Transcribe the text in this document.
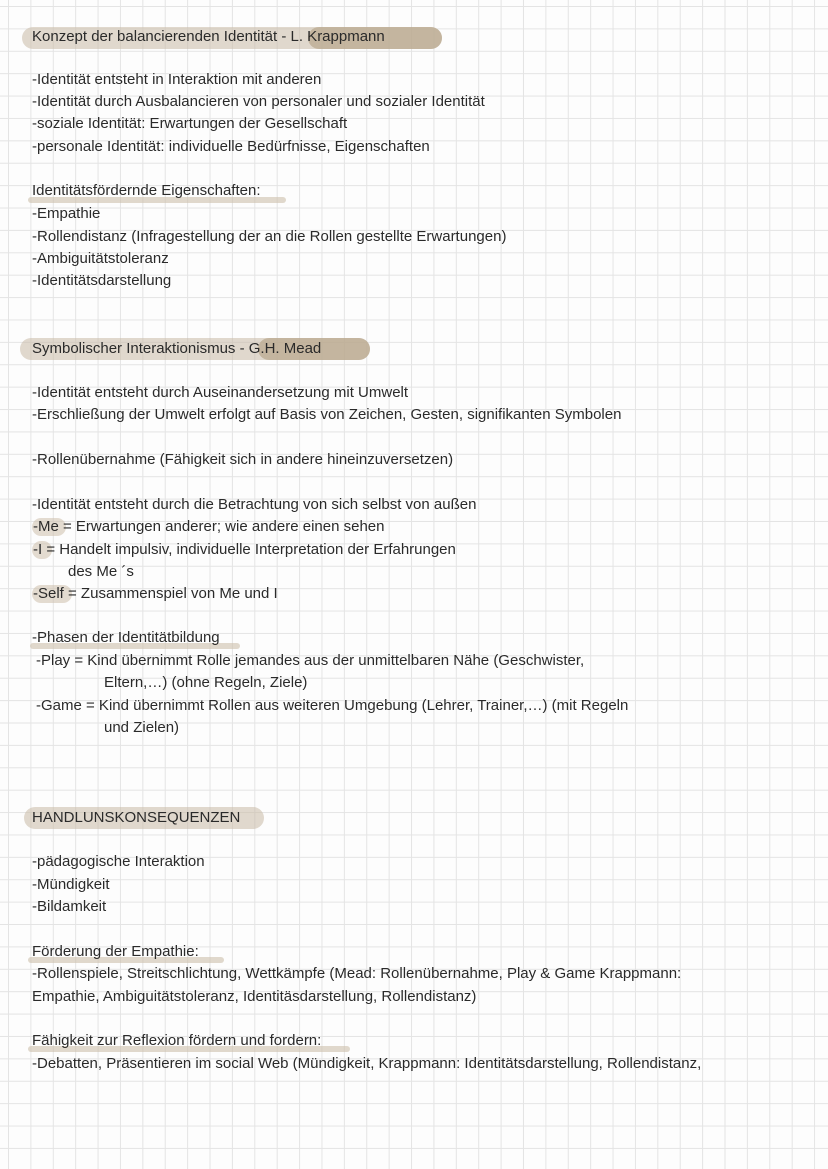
Konzept der balancierenden Identität - L. Krappmann
-Identität entsteht in Interaktion mit anderen
-Identität durch Ausbalancieren von personaler und sozialer Identität
-soziale Identität: Erwartungen der Gesellschaft
-personale Identität: individuelle Bedürfnisse, Eigenschaften
Identitätsfördernde Eigenschaften:
-Empathie
-Rollendistanz (Infragestellung der an die Rollen gestellte Erwartungen)
-Ambiguitätstoleranz
-Identitätsdarstellung
Symbolischer Interaktionismus - G.H. Mead
-Identität entsteht durch Auseinandersetzung mit Umwelt
-Erschließung der Umwelt erfolgt auf Basis von Zeichen, Gesten, signifikanten Symbolen
-Rollenübernahme (Fähigkeit sich in andere hineinzuversetzen)
-Identität entsteht durch die Betrachtung von sich selbst von außen
-Me = Erwartungen anderer; wie andere einen sehen
-I = Handelt impulsiv, individuelle Interpretation der Erfahrungen
des Me ´s
-Self = Zusammenspiel von Me und I
-Phasen der Identitätbildung
-Play = Kind übernimmt Rolle jemandes aus der unmittelbaren Nähe (Geschwister,
Eltern,…) (ohne Regeln, Ziele)
-Game = Kind übernimmt Rollen aus weiteren Umgebung (Lehrer, Trainer,…) (mit Regeln
und Zielen)
HANDLUNSKONSEQUENZEN
-pädagogische Interaktion
-Mündigkeit
-Bildamkeit
Förderung der Empathie:
-Rollenspiele, Streitschlichtung, Wettkämpfe (Mead: Rollenübernahme, Play & Game Krappmann:
Empathie, Ambiguitätstoleranz, Identitäsdarstellung, Rollendistanz)
Fähigkeit zur Reflexion fördern und fordern:
-Debatten, Präsentieren im social Web (Mündigkeit, Krappmann: Identitätsdarstellung, Rollendistanz,
